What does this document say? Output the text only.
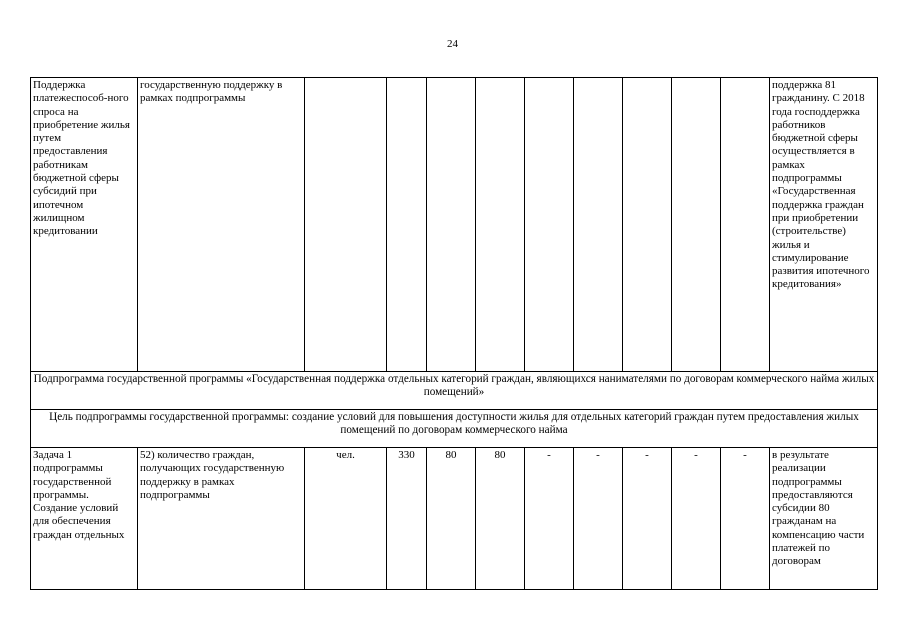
24
Поддержка платежеспособ-ного спроса на приобретение жилья путем предоставления работникам бюджетной сферы субсидий при ипотечном жилищном кредитовании	государственную поддержку в рамках подпрограммы										поддержка 81 гражданину. С 2018 года господдержка работников бюджетной сферы осуществляется в рамках подпрограммы «Государственная поддержка граждан при приобретении (строительстве) жилья и стимулирование развития ипотечного кредитования»
Подпрограмма государственной программы «Государственная поддержка отдельных категорий граждан, являющихся нанимателями по договорам коммерческого найма жилых помещений»											
Цель подпрограммы государственной программы: создание условий для повышения доступности жилья для отдельных категорий граждан путем предоставления жилых помещений по договорам коммерческого найма											
Задача 1 подпрограммы государственной программы. Создание условий для обеспечения граждан отдельных	52) количество граждан, получающих государственную поддержку в рамках подпрограммы	чел.	330	80	80	-	-	-	-	-	в результате реализации подпрограммы предоставляются субсидии 80 гражданам на компенсацию части платежей по договорам
